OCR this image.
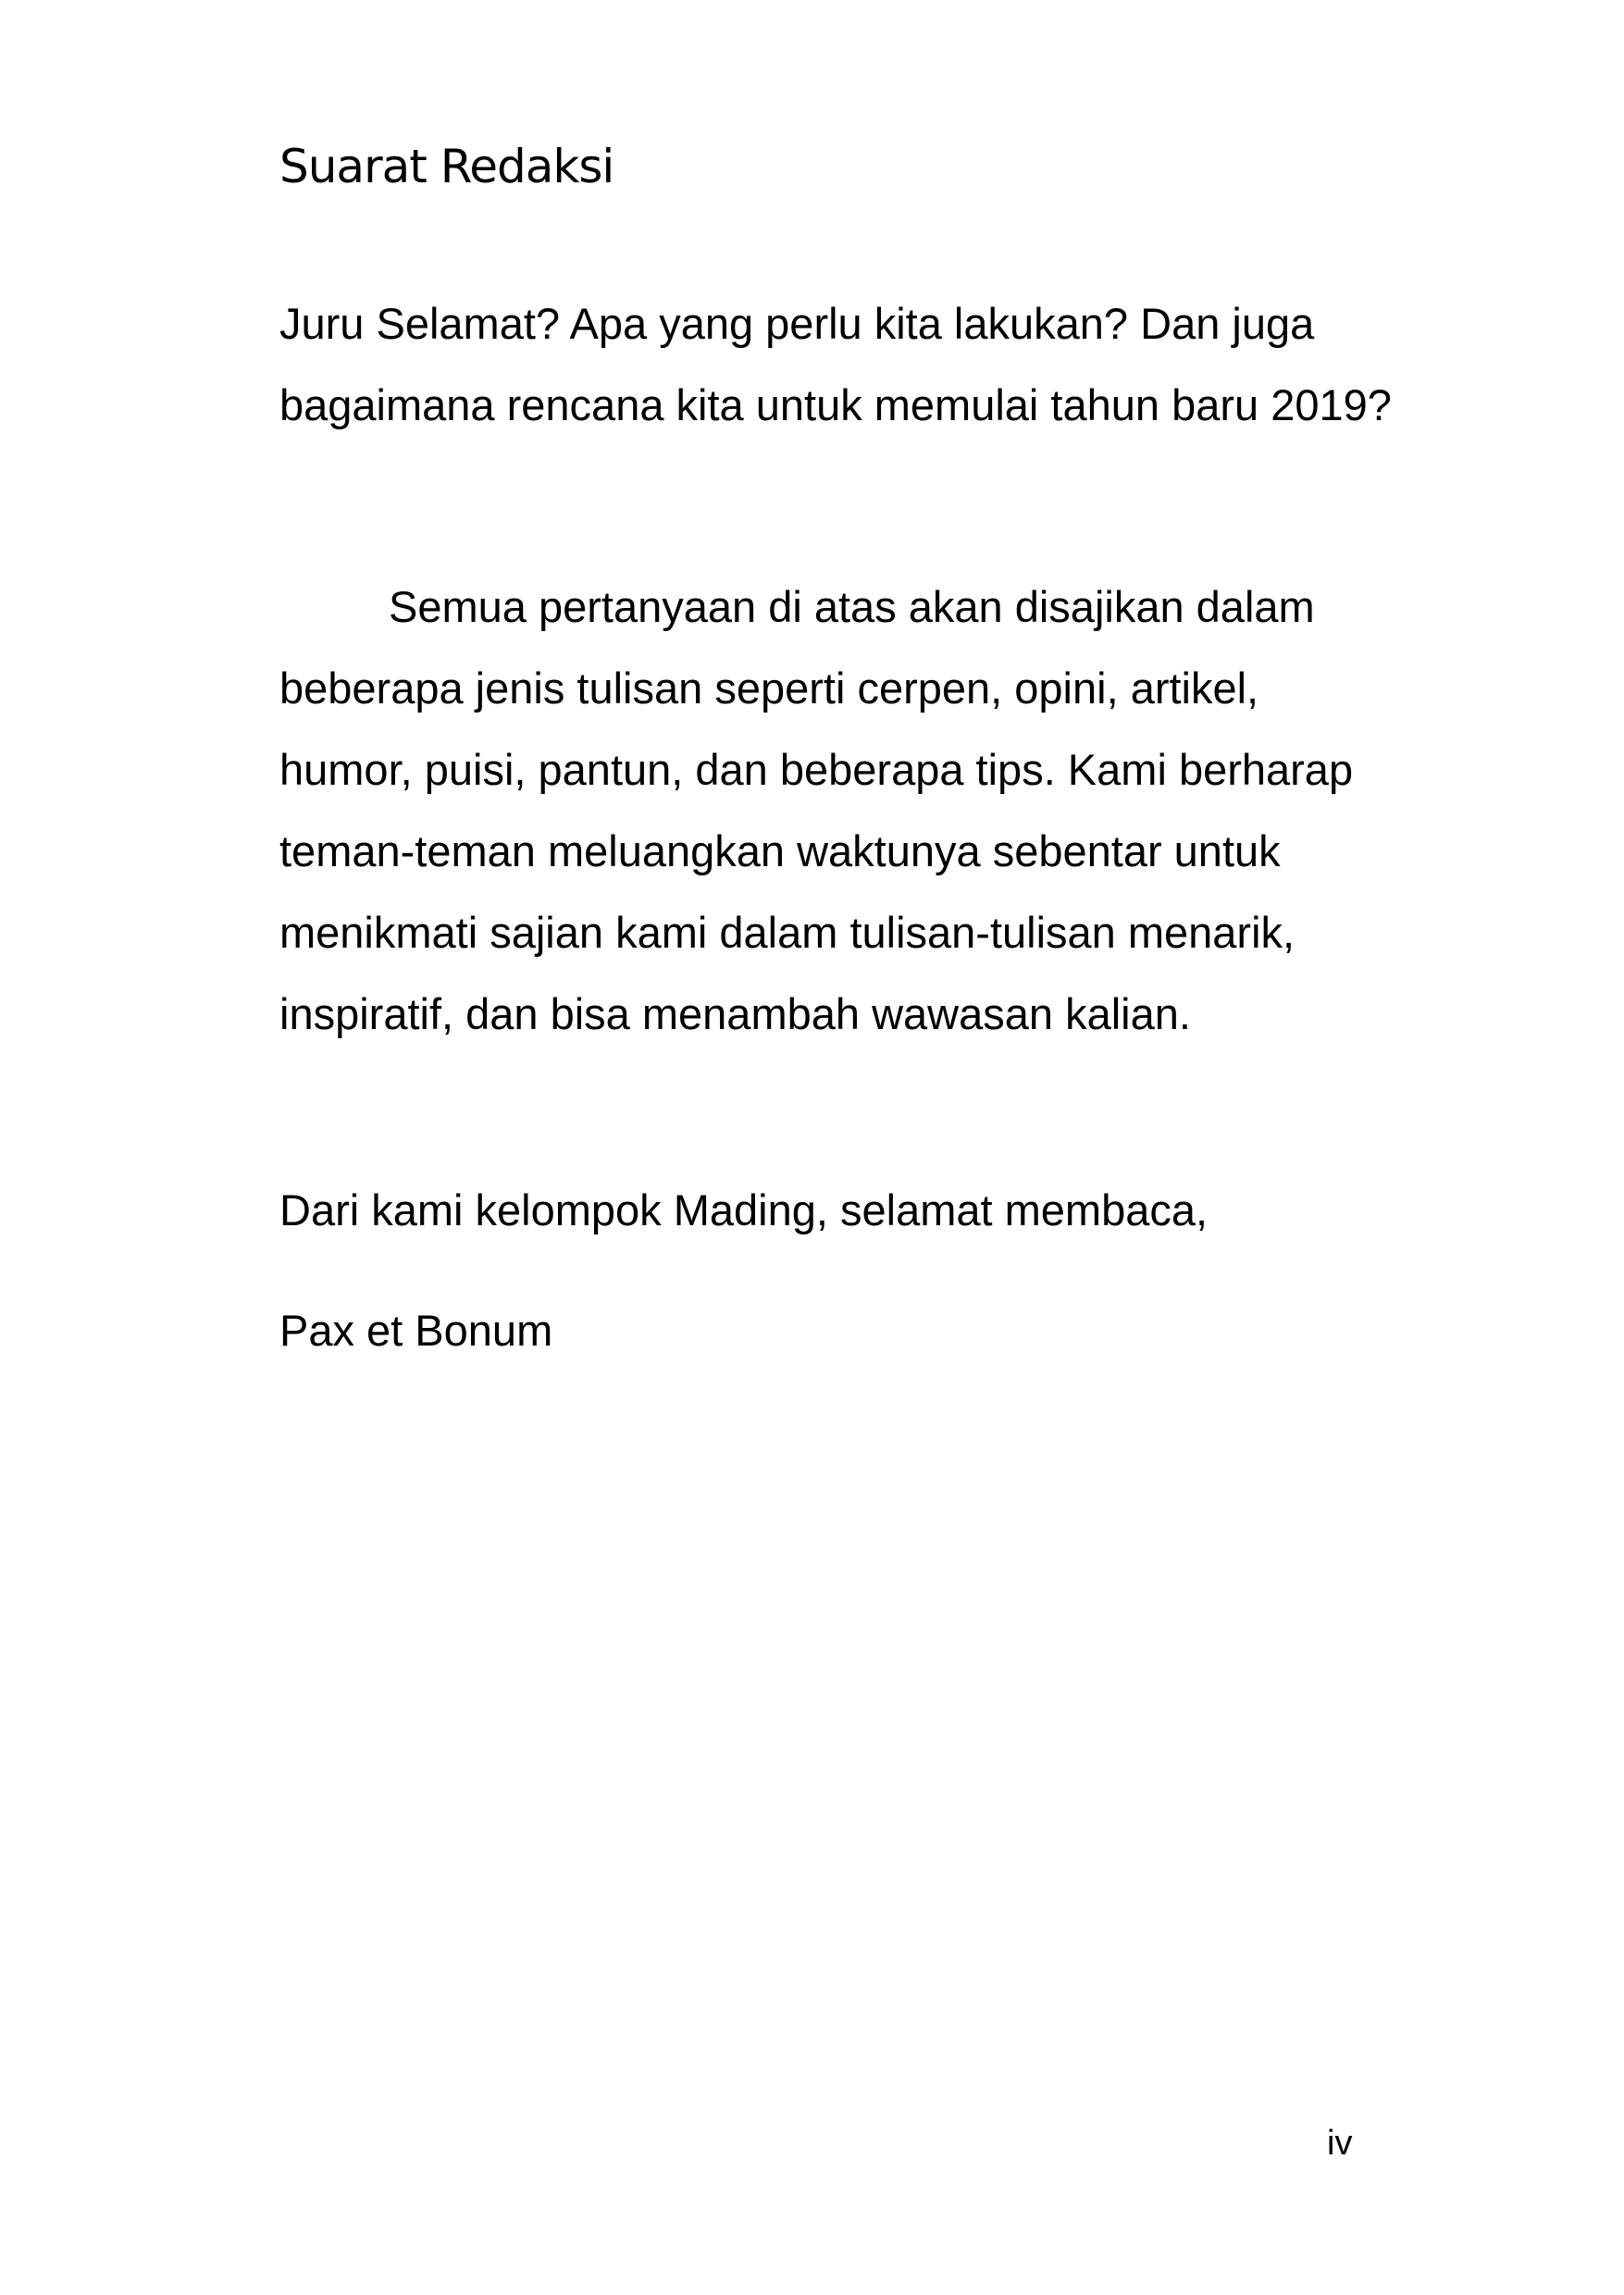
Suarat Redaksi

Juru Selamat? Apa yang perlu kita lakukan? Dan juga bagaimana rencana kita untuk memulai tahun baru 2019?

Semua pertanyaan di atas akan disajikan dalam beberapa jenis tulisan seperti cerpen, opini, artikel, humor, puisi, pantun, dan beberapa tips. Kami berharap teman-teman meluangkan waktunya sebentar untuk menikmati sajian kami dalam tulisan-tulisan menarik, inspiratif, dan bisa menambah wawasan kalian.

Dari kami kelompok Mading, selamat membaca,

Pax et Bonum

iv
